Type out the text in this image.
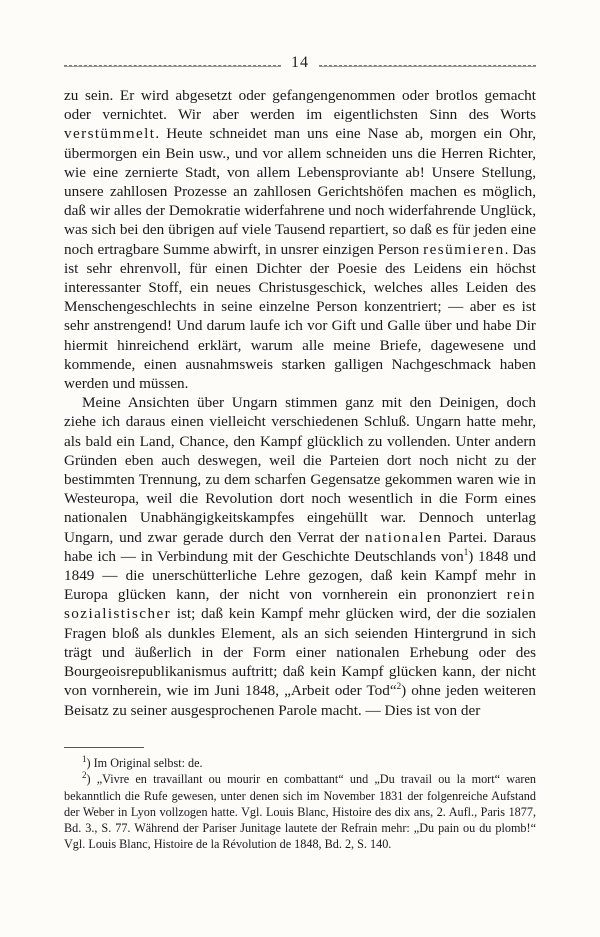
14

zu sein. Er wird abgesetzt oder gefangengenommen oder brotlos gemacht oder vernichtet. Wir aber werden im eigentlichsten Sinn des Worts verstümmelt. Heute schneidet man uns eine Nase ab, morgen ein Ohr, übermorgen ein Bein usw., und vor allem schneiden uns die Herren Richter, wie eine zernierte Stadt, von allem Lebensproviante ab! Unsere Stellung, unsere zahllosen Prozesse an zahllosen Gerichtshöfen machen es möglich, daß wir alles der Demokratie widerfahrene und noch widerfahrende Unglück, was sich bei den übrigen auf viele Tausend repartiert, so daß es für jeden eine noch ertragbare Summe abwirft, in unsrer einzigen Person resümieren. Das ist sehr ehrenvoll, für einen Dichter der Poesie des Leidens ein höchst interessanter Stoff, ein neues Christusgeschick, welches alles Leiden des Menschengeschlechts in seine einzelne Person konzentriert; — aber es ist sehr anstrengend! Und darum laufe ich vor Gift und Galle über und habe Dir hiermit hinreichend erklärt, warum alle meine Briefe, dagewesene und kommende, einen ausnahmsweis starken galligen Nachgeschmack haben werden und müssen.

Meine Ansichten über Ungarn stimmen ganz mit den Deinigen, doch ziehe ich daraus einen vielleicht verschiedenen Schluß. Ungarn hatte mehr, als bald ein Land, Chance, den Kampf glücklich zu vollenden. Unter andern Gründen eben auch deswegen, weil die Parteien dort noch nicht zu der bestimmten Trennung, zu dem scharfen Gegensatze gekommen waren wie in Westeuropa, weil die Revolution dort noch wesentlich in die Form eines nationalen Unabhängigkeitskampfes eingehüllt war. Dennoch unterlag Ungarn, und zwar gerade durch den Verrat der nationalen Partei. Daraus habe ich — in Verbindung mit der Geschichte Deutschlands von$^1$) 1848 und 1849 — die unerschütterliche Lehre gezogen, daß kein Kampf mehr in Europa glücken kann, der nicht von vornherein ein prononziert rein sozialistischer ist; daß kein Kampf mehr glücken wird, der die sozialen Fragen bloß als dunkles Element, als an sich seienden Hintergrund in sich trägt und äußerlich in der Form einer nationalen Erhebung oder des Bourgeoisrepublikanismus auftritt; daß kein Kampf glücken kann, der nicht von vornherein, wie im Juni 1848, „Arbeit oder Tod“$^2$) ohne jeden weiteren Beisatz zu seiner ausgesprochenen Parole macht. — Dies ist von der

$^1$) Im Original selbst: de.

$^2$) „Vivre en travaillant ou mourir en combattant“ und „Du travail ou la mort“ waren bekanntlich die Rufe gewesen, unter denen sich im November 1831 der folgenreiche Aufstand der Weber in Lyon vollzogen hatte. Vgl. Louis Blanc, Histoire des dix ans, 2. Aufl., Paris 1877, Bd. 3., S. 77. Während der Pariser Junitage lautete der Refrain mehr: „Du pain ou du plomb!“ Vgl. Louis Blanc, Histoire de la Révolution de 1848, Bd. 2, S. 140.
